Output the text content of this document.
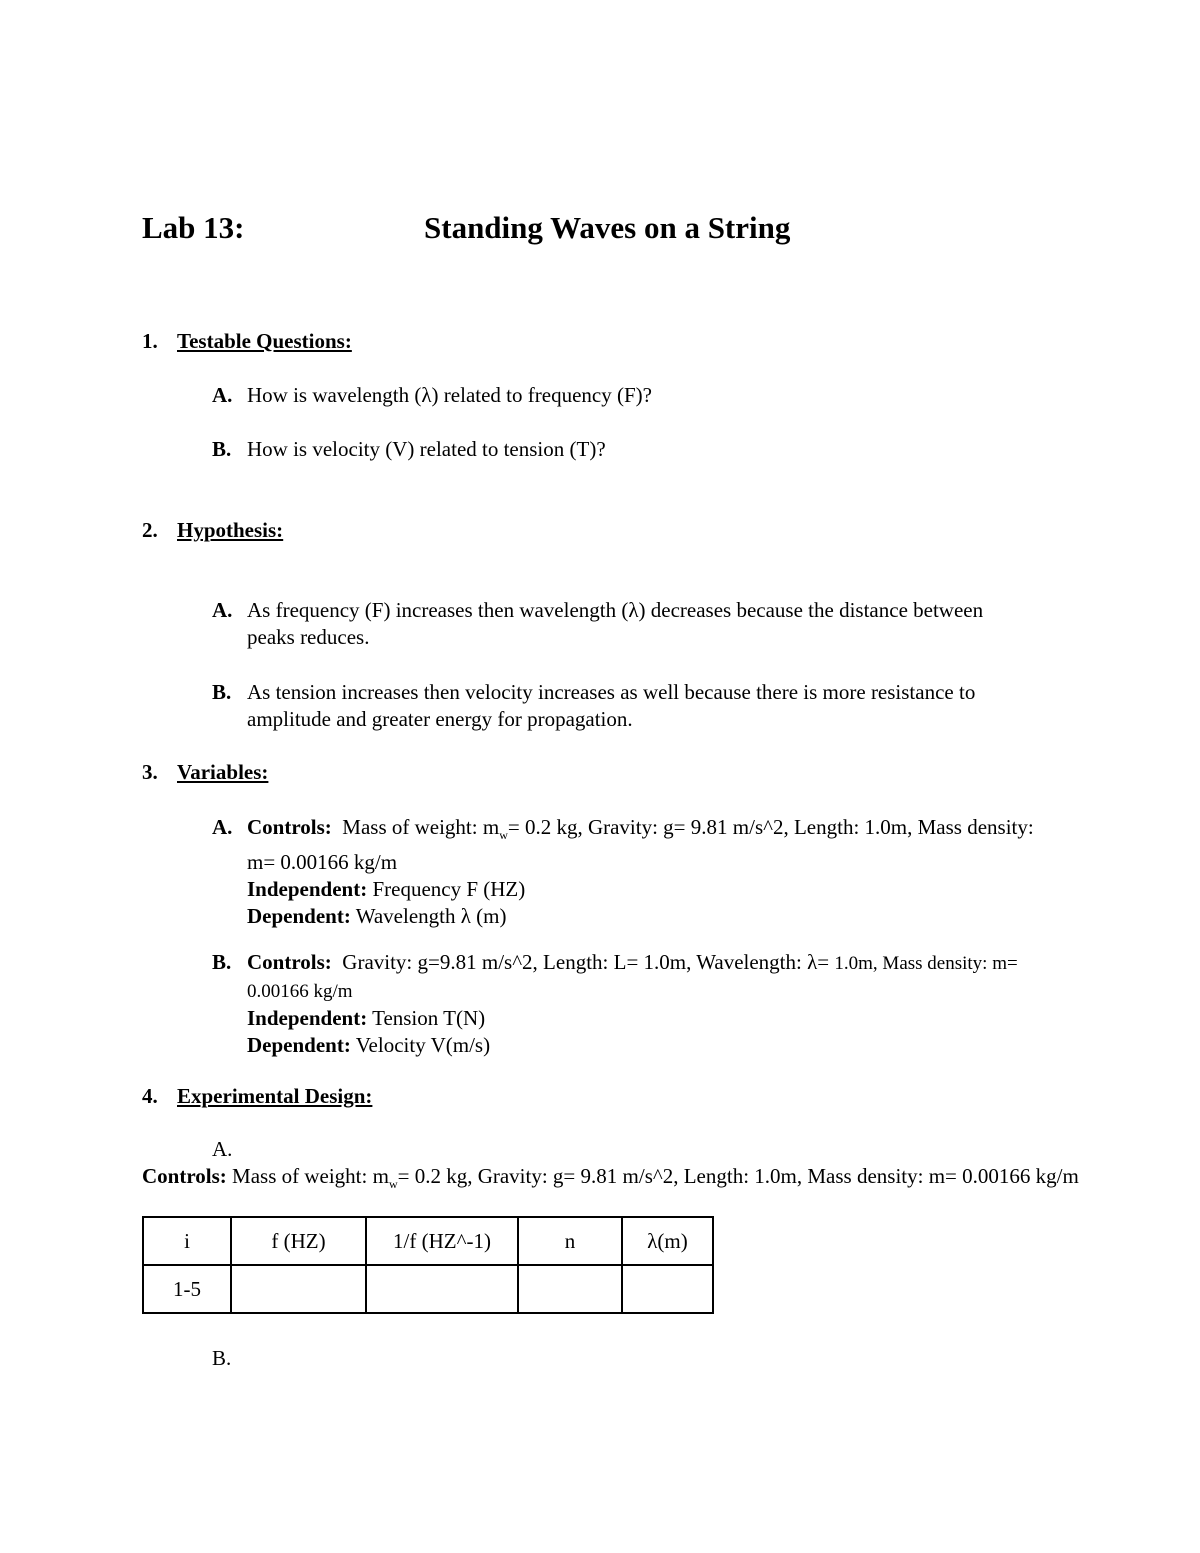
Lab 13:	Standing Waves on a String
1. Testable Questions:
A. How is wavelength (λ) related to frequency (F)?
B. How is velocity (V) related to tension (T)?
2. Hypothesis:
A. As frequency (F) increases then wavelength (λ) decreases because the distance between peaks reduces.
B. As tension increases then velocity increases as well because there is more resistance to amplitude and greater energy for propagation.
3. Variables:
A. Controls: Mass of weight: $m_w= 0.2$ kg, Gravity: g= 9.81 m/s^2, Length: 1.0m, Mass density: m= 0.00166 kg/m
Independent: Frequency F (HZ)
Dependent: Wavelength λ (m)
B. Controls: Gravity: g=9.81 m/s^2, Length: L= 1.0m, Wavelength: λ= 1.0m, Mass density: m= 0.00166 kg/m
Independent: Tension T(N)
Dependent: Velocity V(m/s)
4. Experimental Design:
A.
Controls: Mass of weight: $m_w= 0.2$ kg, Gravity: g= 9.81 m/s^2, Length: 1.0m, Mass density: m= 0.00166 kg/m
i	f (HZ)	1/f (HZ^-1)	n	λ(m)
1-5				
B.
